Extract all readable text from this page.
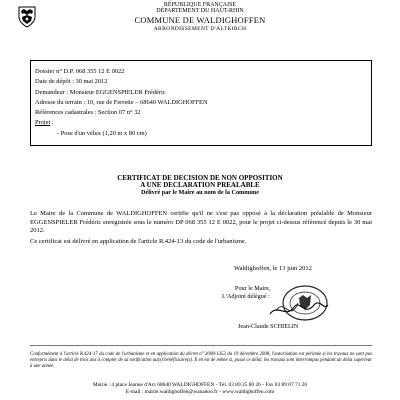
RÉPUBLIQUE FRANÇAISE
DÉPARTEMENT DU HAUT-RHIN
COMMUNE DE WALDIGHOFFEN
ARRONDISSEMENT D'ALTKIRCH
Dossier n° D.P. 068 355 12 E 0022
Date de dépôt : 30 mai 2012
Demandeur : Monsieur EGGENSPIELER Frédéric
Adresse du terrain : 10, rue de Ferrette – 68640 WALDIGHOFFEN
Références cadastrales : Section 07 n° 32
Projet :
- Pose d'un vélux (1,20 m x 80 cm)
CERTIFICAT DE DECISION DE NON OPPOSITION
A UNE DECLARATION PREALABLE
Délivré par le Maire au nom de la Commune
Le Maire de la Commune de WALDIGHOFFEN certifie qu'il ne s'est pas opposé à la déclaration préalable de Monsieur EGGENSPIELER Frédéric enregistrée sous le numéro DP 068 355 12 E 0022, pour le projet ci-dessus référencé depuis le 30 mai 2012.
Ce certificat est délivré en application de l'article R.424-13 du code de l'urbanisme.
Waldighoffen, le 13 juin 2012
Pour le Maire,
L'Adjoint délégué :
Jean-Claude SCHIELIN
Conformément à l'article R.424-17 du code de l'urbanisme et en application du décret n° 2008-1353 du 19 décembre 2008, l'autorisation est périmée si les travaux ne sont pas entrepris dans le délai de trois ans à compter de sa notification au(x) bénéficiaire(s). Il en est de même si, passé ce délai, les travaux sont interrompus pendant un délai supérieur à une année.
Mairie : 4 place Jeanne d'Arc 68640 WALDIGHOFFEN - Tél. 03 89 25 80 26 - Fax 03 89 07 71 26
E-mail : mairie.waldighoffen@wanadoo.fr - www.waldighoffen.com
